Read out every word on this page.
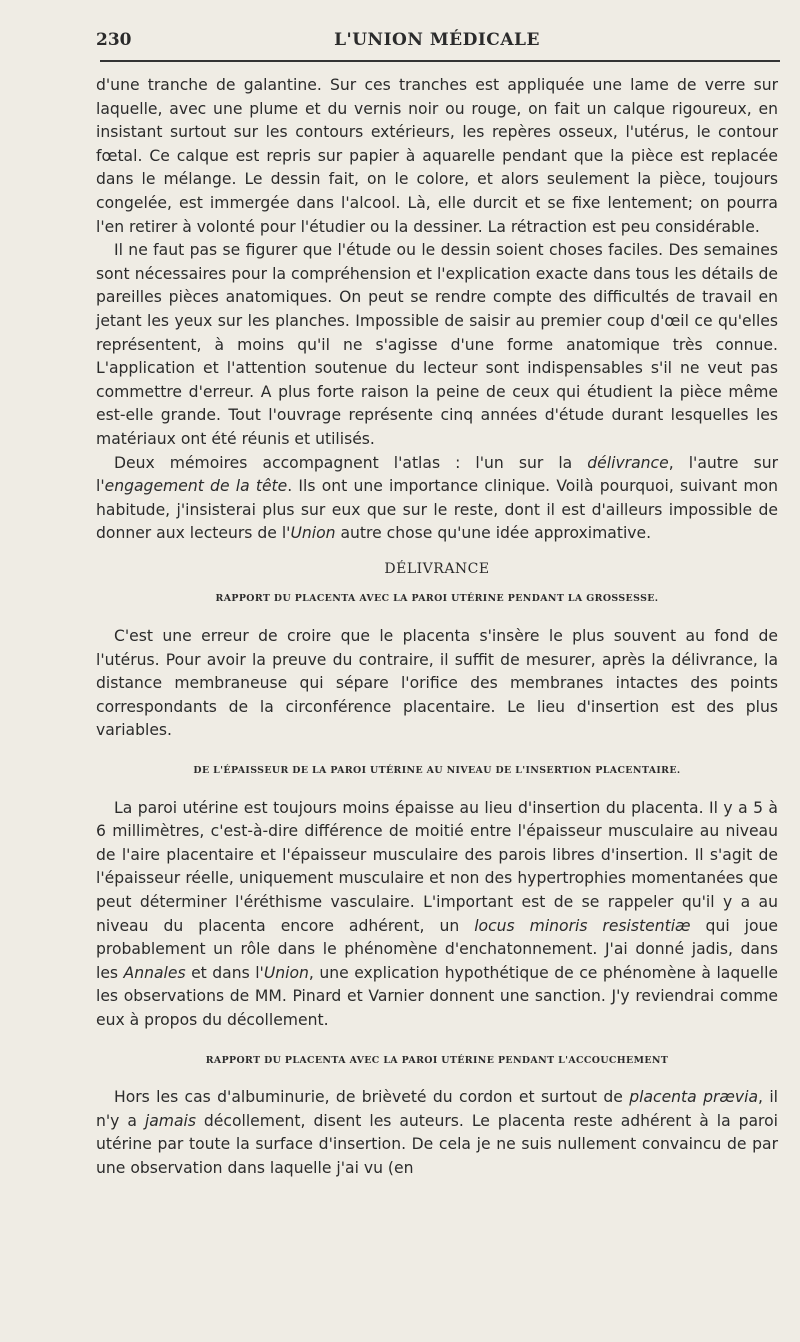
230	L'UNION MÉDICALE

d'une tranche de galantine. Sur ces tranches est appliquée une lame de verre sur laquelle, avec une plume et du vernis noir ou rouge, on fait un calque rigoureux, en insistant surtout sur les contours extérieurs, les repères osseux, l'utérus, le contour fœtal. Ce calque est repris sur papier à aquarelle pendant que la pièce est replacée dans le mélange. Le dessin fait, on le colore, et alors seulement la pièce, toujours congelée, est immergée dans l'alcool. Là, elle durcit et se fixe lentement; on pourra l'en retirer à volonté pour l'étudier ou la dessiner. La rétraction est peu considérable.

Il ne faut pas se figurer que l'étude ou le dessin soient choses faciles. Des semaines sont nécessaires pour la compréhension et l'explication exacte dans tous les détails de pareilles pièces anatomiques. On peut se rendre compte des difficultés de travail en jetant les yeux sur les planches. Impossible de saisir au premier coup d'œil ce qu'elles représentent, à moins qu'il ne s'agisse d'une forme anatomique très connue. L'application et l'attention soutenue du lecteur sont indispensables s'il ne veut pas commettre d'erreur. A plus forte raison la peine de ceux qui étudient la pièce même est-elle grande. Tout l'ouvrage représente cinq années d'étude durant lesquelles les matériaux ont été réunis et utilisés.

Deux mémoires accompagnent l'atlas : l'un sur la délivrance, l'autre sur l'engagement de la tête. Ils ont une importance clinique. Voilà pourquoi, suivant mon habitude, j'insisterai plus sur eux que sur le reste, dont il est d'ailleurs impossible de donner aux lecteurs de l'Union autre chose qu'une idée approximative.

DÉLIVRANCE
RAPPORT DU PLACENTA AVEC LA PAROI UTÉRINE PENDANT LA GROSSESSE.

C'est une erreur de croire que le placenta s'insère le plus souvent au fond de l'utérus. Pour avoir la preuve du contraire, il suffit de mesurer, après la délivrance, la distance membraneuse qui sépare l'orifice des membranes intactes des points correspondants de la circonférence placentaire. Le lieu d'insertion est des plus variables.

DE L'ÉPAISSEUR DE LA PAROI UTÉRINE AU NIVEAU DE L'INSERTION PLACENTAIRE.

La paroi utérine est toujours moins épaisse au lieu d'insertion du placenta. Il y a 5 à 6 millimètres, c'est-à-dire différence de moitié entre l'épaisseur musculaire au niveau de l'aire placentaire et l'épaisseur musculaire des parois libres d'insertion. Il s'agit de l'épaisseur réelle, uniquement musculaire et non des hypertrophies momentanées que peut déterminer l'éréthisme vasculaire. L'important est de se rappeler qu'il y a au niveau du placenta encore adhérent, un locus minoris resistentiæ qui joue probablement un rôle dans le phénomène d'enchatonnement. J'ai donné jadis, dans les Annales et dans l'Union, une explication hypothétique de ce phénomène à laquelle les observations de MM. Pinard et Varnier donnent une sanction. J'y reviendrai comme eux à propos du décollement.

RAPPORT DU PLACENTA AVEC LA PAROI UTÉRINE PENDANT L'ACCOUCHEMENT

Hors les cas d'albuminurie, de brièveté du cordon et surtout de placenta prævia, il n'y a jamais décollement, disent les auteurs. Le placenta reste adhérent à la paroi utérine par toute la surface d'insertion. De cela je ne suis nullement convaincu de par une observation dans laquelle j'ai vu (en
